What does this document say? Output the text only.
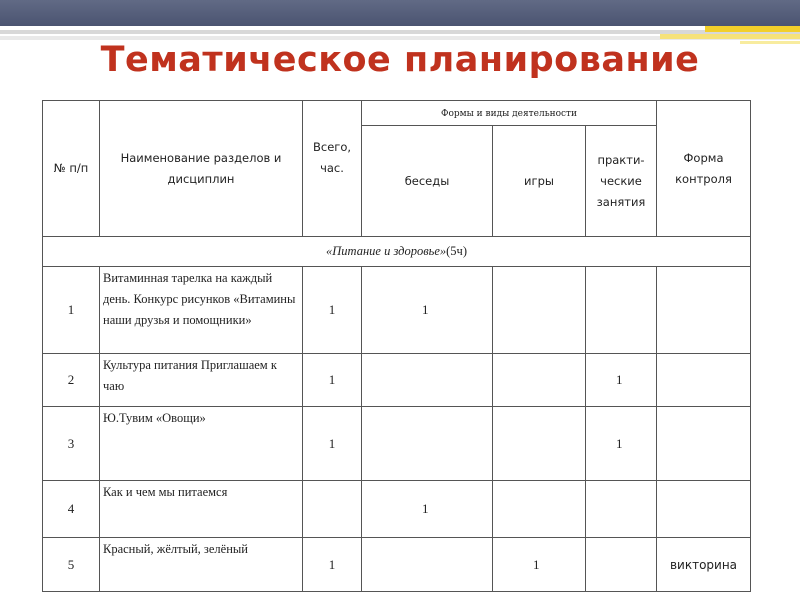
Тематическое планирование
№ п/п	Наименование разделов и дисциплин	Всего, час.	Формы и виды деятельности			Форма контроля
			беседы	игры	практи-ческие занятия	
«Питание и здоровье»(5ч)						
1	Витаминная тарелка на каждый день. Конкурс рисунков «Витамины наши друзья и помощники»	1	1			
2	Культура питания Приглашаем к чаю	1			1	
3	Ю.Тувим «Овощи»	1			1	
4	Как и чем мы питаемся		1			
5	Красный, жёлтый, зелёный	1		1		викторина
